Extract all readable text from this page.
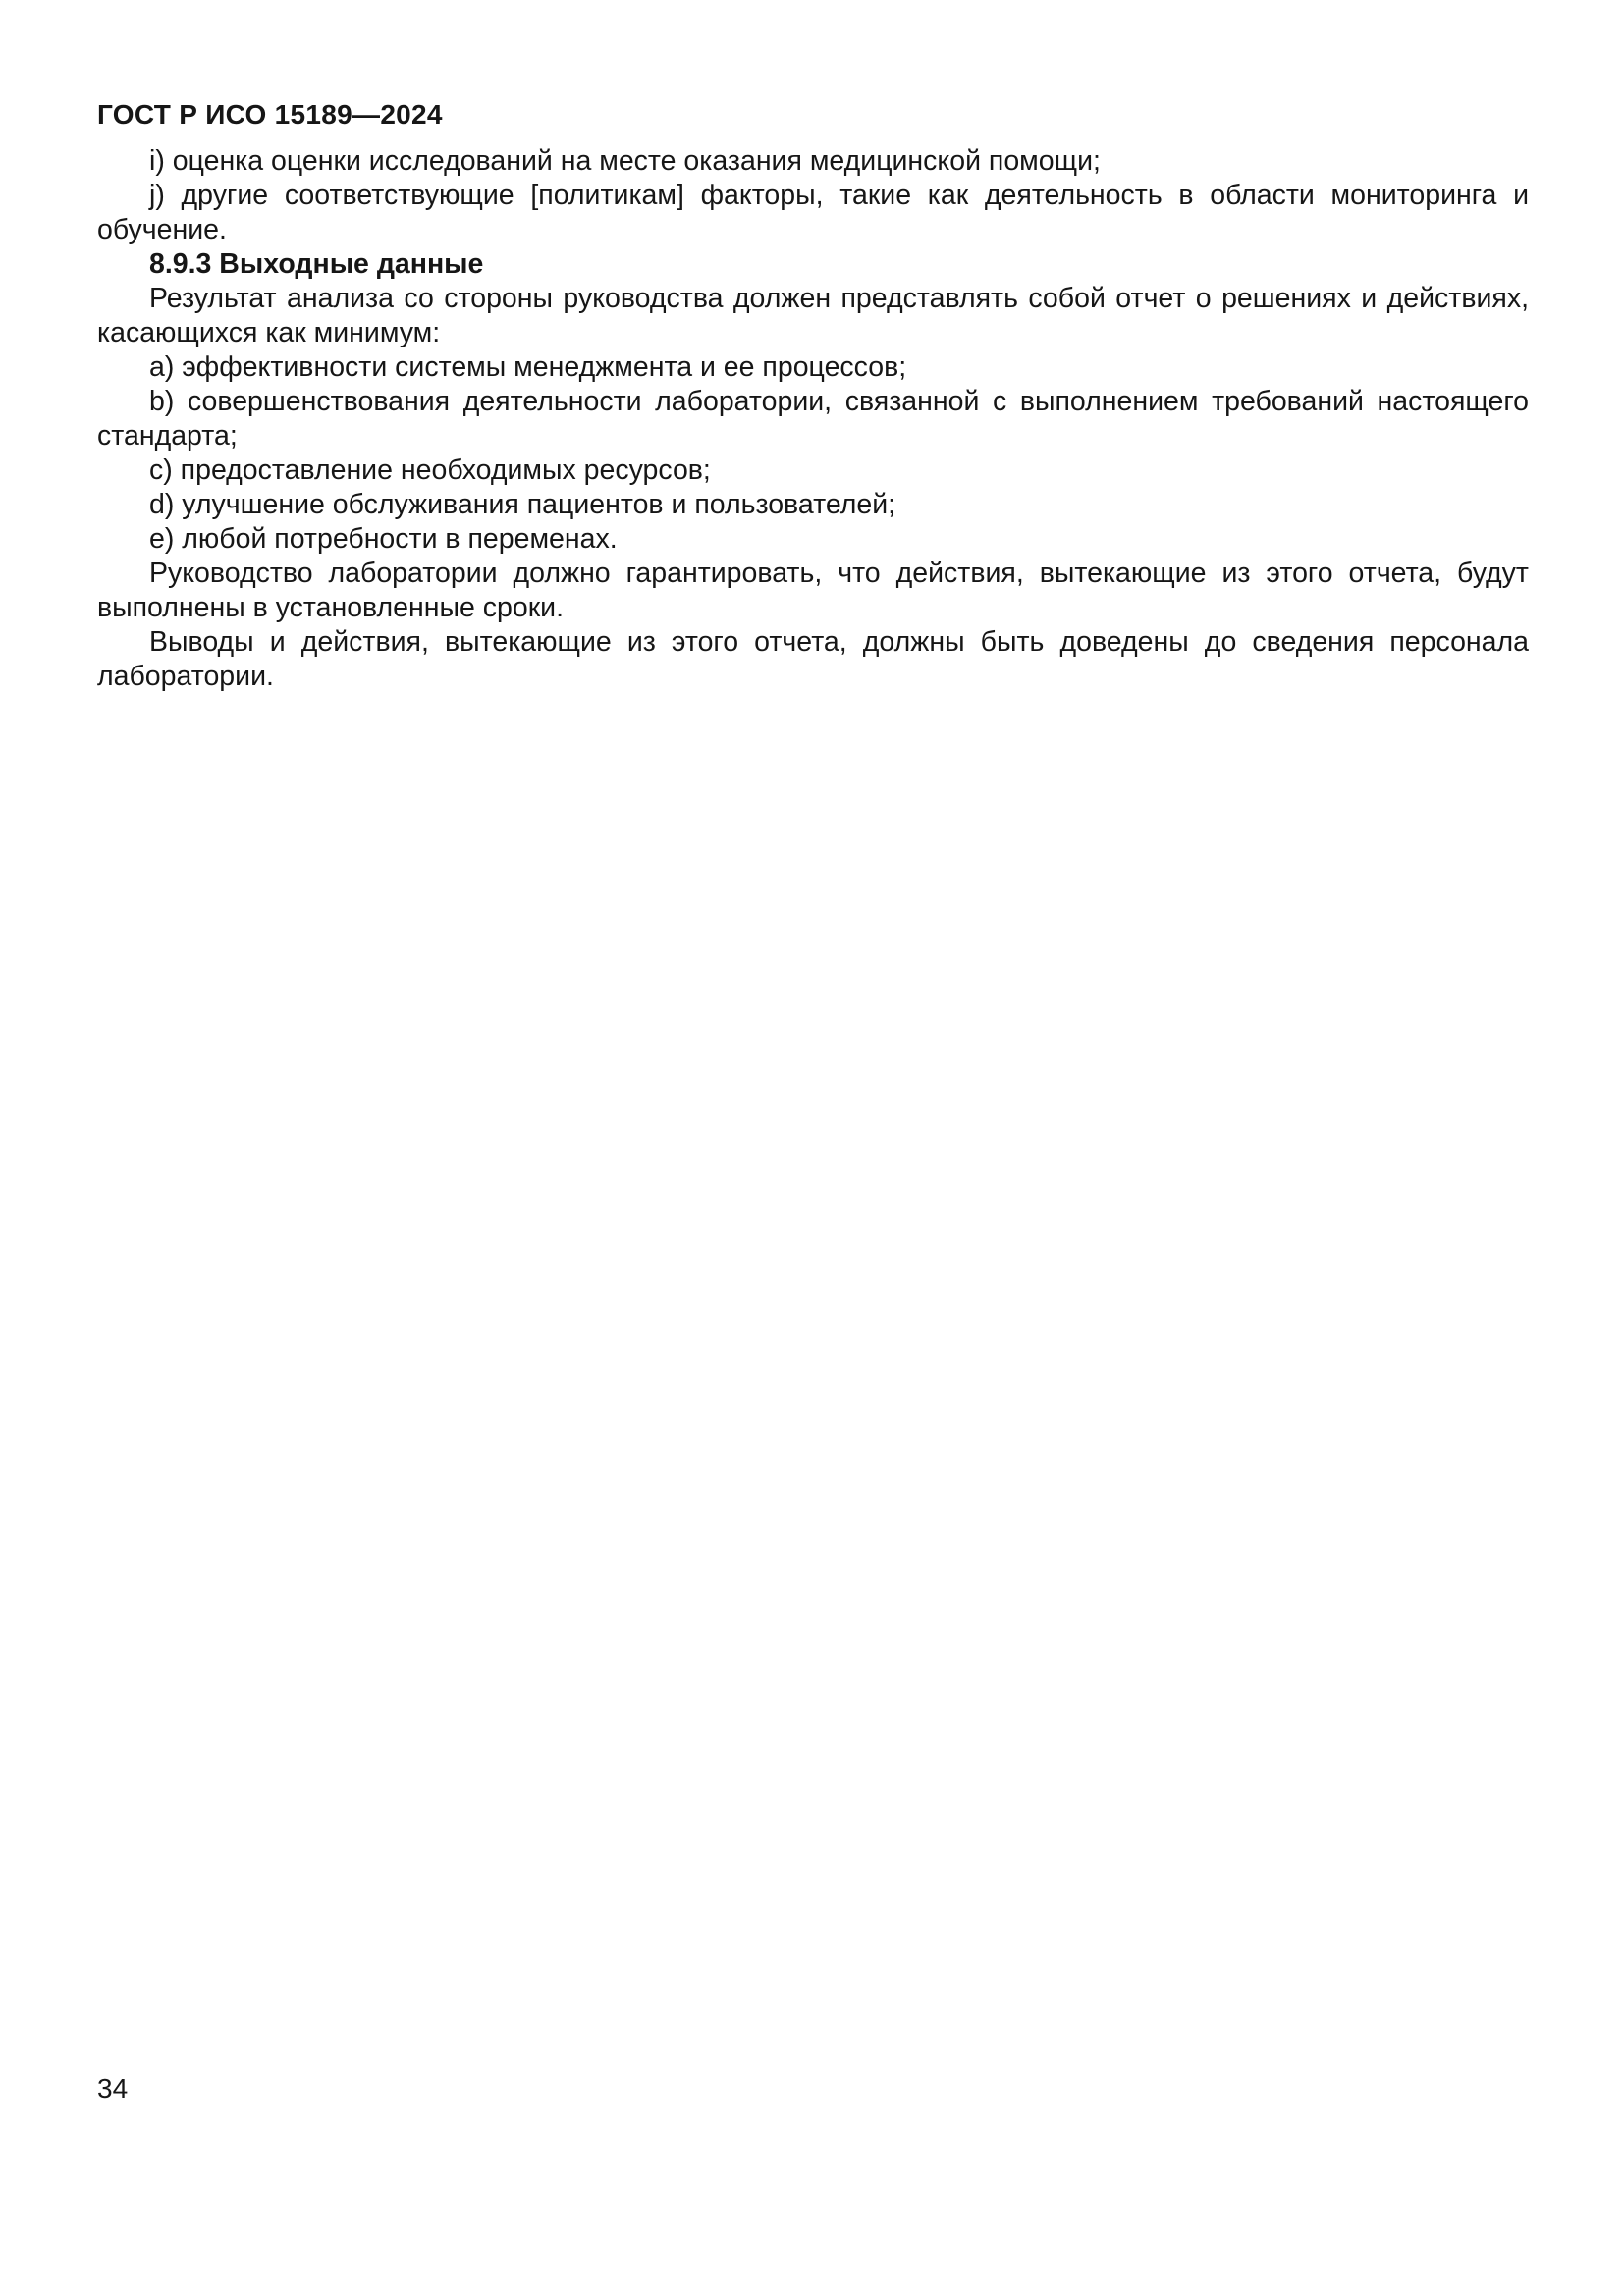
ГОСТ Р ИСО 15189—2024

i) оценка оценки исследований на месте оказания медицинской помощи;

j) другие соответствующие [политикам] факторы, такие как деятельность в области мониторинга и обучение.

8.9.3 Выходные данные

Результат анализа со стороны руководства должен представлять собой отчет о решениях и действиях, касающихся как минимум:

a) эффективности системы менеджмента и ее процессов;

b) совершенствования деятельности лаборатории, связанной с выполнением требований настоящего стандарта;

c) предоставление необходимых ресурсов;

d) улучшение обслуживания пациентов и пользователей;

e) любой потребности в переменах.

Руководство лаборатории должно гарантировать, что действия, вытекающие из этого отчета, будут выполнены в установленные сроки.

Выводы и действия, вытекающие из этого отчета, должны быть доведены до сведения персонала лаборатории.

34
